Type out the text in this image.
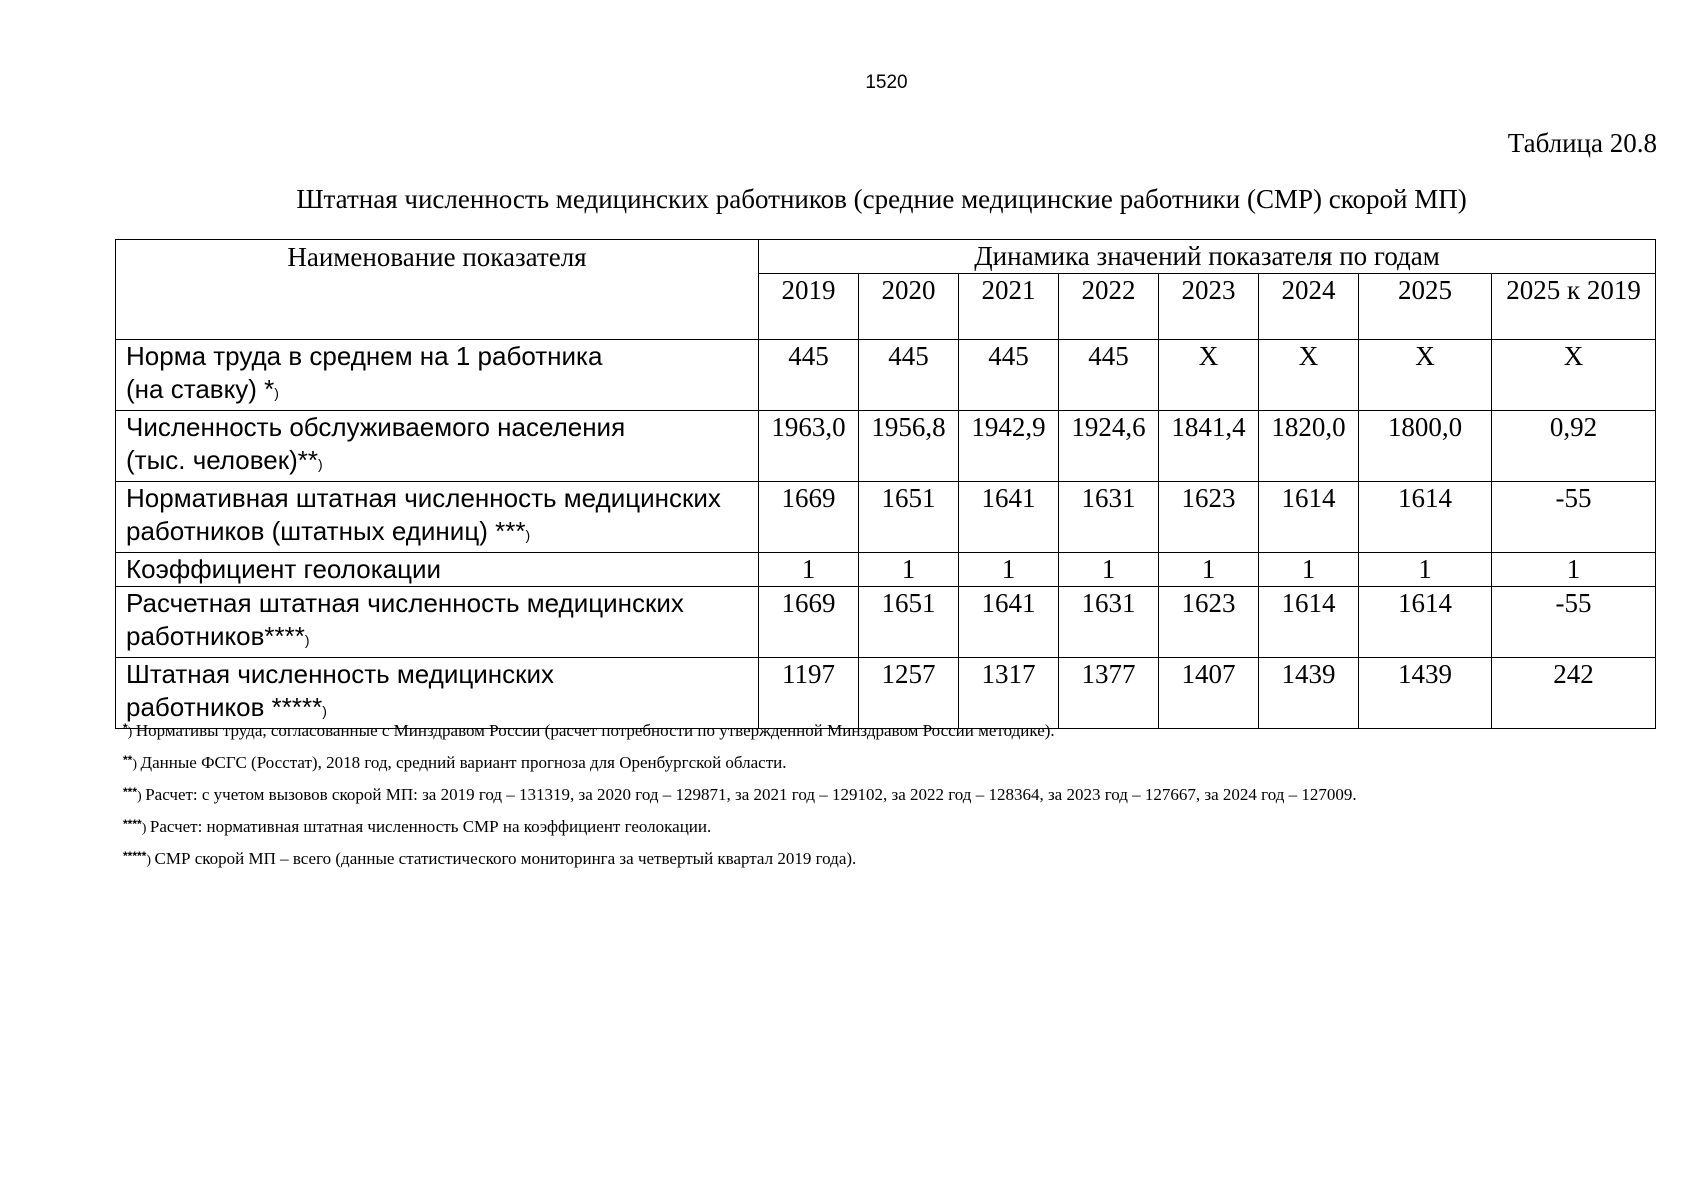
1520
Таблица 20.8
Штатная численность медицинских работников (средние медицинские работники (СМР) скорой МП)
Наименование показателя	Динамика значений показателя по годам							
	2019	2020	2021	2022	2023	2024	2025	2025 к 2019

Норма труда в среднем на 1 работника
(на ставку) *)	445	445	445	445	Х	Х	Х	Х

Численность обслуживаемого населения
(тыс. человек)**)	1963,0	1956,8	1942,9	1924,6	1841,4	1820,0	1800,0	0,92

Нормативная штатная численность медицинских
работников (штатных единиц) ***)	1669	1651	1641	1631	1623	1614	1614	-55

Коэффициент геолокации	1	1	1	1	1	1	1	1

Расчетная штатная численность медицинских
работников****)	1669	1651	1641	1631	1623	1614	1614	-55

Штатная численность медицинских
работников *****)	1197	1257	1317	1377	1407	1439	1439	242
*) Нормативы труда, согласованные с Минздравом России (расчет потребности по утвержденной Минздравом России методике).
**) Данные ФСГС (Росстат), 2018 год, средний вариант прогноза для Оренбургской области.
***) Расчет: с учетом вызовов скорой МП: за 2019 год – 131319, за 2020 год – 129871, за 2021 год – 129102, за 2022 год – 128364, за 2023 год – 127667, за 2024 год – 127009.
****) Расчет: нормативная штатная численность СМР на коэффициент геолокации.
*****) СМР скорой МП – всего (данные статистического мониторинга за четвертый квартал 2019 года).
